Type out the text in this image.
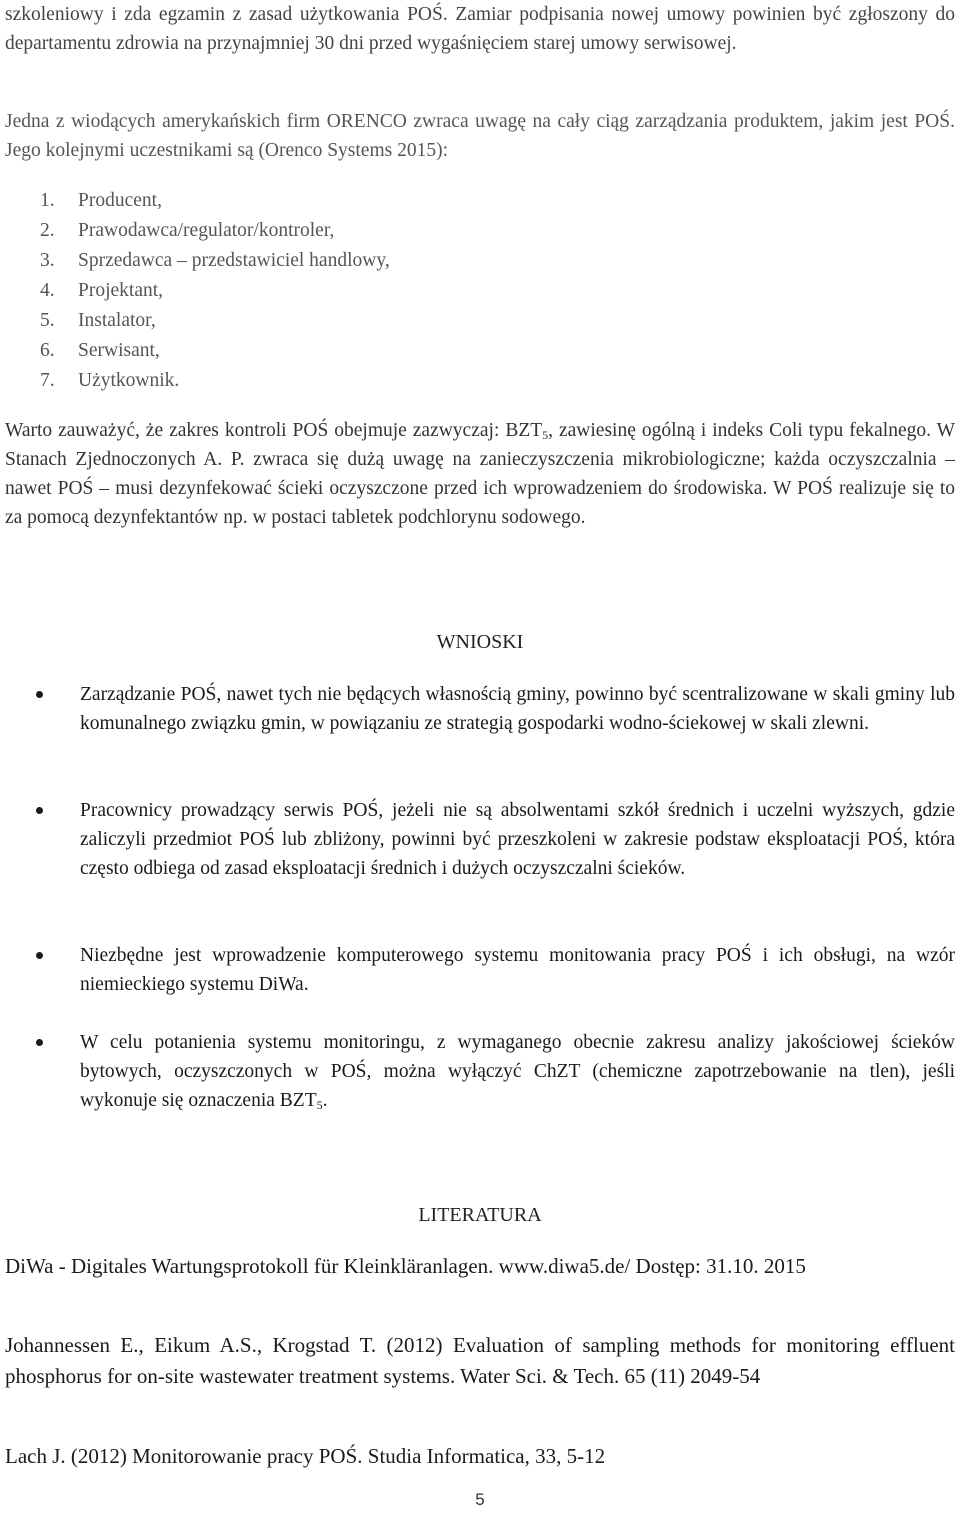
szkoleniowy i zda egzamin z zasad użytkowania POŚ. Zamiar podpisania nowej umowy powinien być zgłoszony do departamentu zdrowia na przynajmniej 30 dni przed wygaśnięciem starej umowy serwisowej.

Jedna z wiodących amerykańskich firm ORENCO zwraca uwagę na cały ciąg zarządzania produktem, jakim jest POŚ. Jego kolejnymi uczestnikami są (Orenco Systems 2015):

1. Producent,
2. Prawodawca/regulator/kontroler,
3. Sprzedawca – przedstawiciel handlowy,
4. Projektant,
5. Instalator,
6. Serwisant,
7. Użytkownik.

Warto zauważyć, że zakres kontroli POŚ obejmuje zazwyczaj: $BZT_5$, zawiesinę ogólną i indeks Coli typu fekalnego. W Stanach Zjednoczonych A. P. zwraca się dużą uwagę na zanieczyszczenia mikrobiologiczne; każda oczyszczalnia – nawet POŚ – musi dezynfekować ścieki oczyszczone przed ich wprowadzeniem do środowiska. W POŚ realizuje się to za pomocą dezynfektantów np. w postaci tabletek podchlorynu sodowego.

WNIOSKI
Zarządzanie POŚ, nawet tych nie będących własnością gminy, powinno być scentralizowane w skali gminy lub komunalnego związku gmin, w powiązaniu ze strategią gospodarki wodno-ściekowej w skali zlewni.
Pracownicy prowadzący serwis POŚ, jeżeli nie są absolwentami szkół średnich i uczelni wyższych, gdzie zaliczyli przedmiot POŚ lub zbliżony, powinni być przeszkoleni w zakresie podstaw eksploatacji POŚ, która często odbiega od zasad eksploatacji średnich i dużych oczyszczalni ścieków.
Niezbędne jest wprowadzenie komputerowego systemu monitowania pracy POŚ i ich obsługi, na wzór niemieckiego systemu DiWa.
W celu potanienia systemu monitoringu, z wymaganego obecnie zakresu analizy jakościowej ścieków bytowych, oczyszczonych w POŚ, można wyłączyć ChZT (chemiczne zapotrzebowanie na tlen), jeśli wykonuje się oznaczenia $BZT_5$.
LITERATURA

DiWa - Digitales Wartungsprotokoll für Kleinkläranlagen. www.diwa5.de/ Dostęp: 31.10. 2015

Johannessen E., Eikum A.S., Krogstad T. (2012) Evaluation of sampling methods for monitoring effluent phosphorus for on-site wastewater treatment systems. Water Sci. & Tech. 65 (11) 2049-54

Lach J. (2012) Monitorowanie pracy POŚ. Studia Informatica, 33, 5-12

5
